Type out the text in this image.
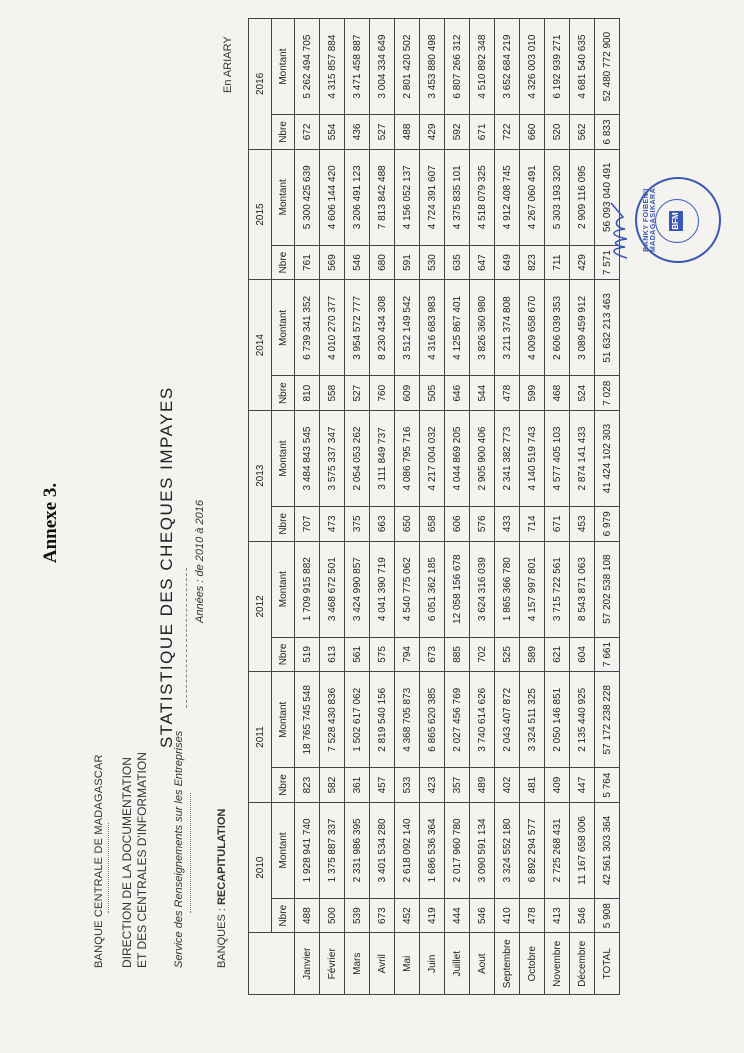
Annexe 3.
BANQUE CENTRALE DE MADAGASCAR DIRECTION DE LA DOCUMENTATION ET DES CENTRALES D'INFORMATION Service des Renseignements sur les Entreprises	BANQUES : RECAPITULATION
STATISTIQUE DES CHEQUES IMPAYES Années : de 2010 à 2016
En ARIARY
	2010		2011		2012		2013		2014		2015		2016	
	Nbre	Montant	Nbre	Montant	Nbre	Montant	Nbre	Montant	Nbre	Montant	Nbre	Montant	Nbre	Montant
Janvier	488	1 928 941 740	823	18 765 745 548	519	1 709 915 882	707	3 484 843 545	810	6 739 341 352	761	5 300 425 639	672	5 262 494 705
Février	500	1 375 887 337	582	7 528 430 836	613	3 468 672 501	473	3 575 337 347	558	4 010 270 377	569	4 606 144 420	554	4 315 857 884
Mars	539	2 331 986 395	361	1 502 617 062	561	3 424 990 857	375	2 054 053 262	527	3 954 572 777	546	3 206 491 123	436	3 471 458 887
Avril	673	3 401 534 280	457	2 819 540 156	575	4 041 390 719	663	3 111 849 737	760	8 230 434 308	680	7 813 842 488	527	3 004 334 649
Mai	452	2 618 092 140	533	4 368 705 873	794	4 540 775 062	650	4 086 795 716	609	3 512 149 542	591	4 156 052 137	488	2 801 420 502
Juin	419	1 686 536 364	423	6 865 620 385	673	6 051 362 185	658	4 217 004 032	505	4 316 683 983	530	4 724 391 607	429	3 453 880 498
Juillet	444	2 017 960 780	357	2 027 456 769	885	12 058 156 678	606	4 044 869 205	646	4 125 867 401	635	4 375 835 101	592	6 807 266 312
Aout	546	3 090 591 134	489	3 740 614 626	702	3 624 316 039	576	2 905 900 406	544	3 826 360 980	647	4 518 079 325	671	4 510 892 348
Septembre	410	3 324 552 180	402	2 043 407 872	525	1 865 366 780	433	2 341 382 773	478	3 211 374 808	649	4 912 408 745	722	3 652 684 219
Octobre	478	6 892 294 577	481	3 324 511 325	589	4 157 997 801	714	4 140 519 743	599	4 009 658 670	823	4 267 060 491	660	4 326 003 010
Novembre	413	2 725 268 431	409	2 050 146 851	621	3 715 722 561	671	4 577 405 103	468	2 606 039 353	711	5 303 193 320	520	6 192 939 271
Décembre	546	11 167 658 006	447	2 135 440 925	604	8 543 871 063	453	2 874 141 433	524	3 089 459 912	429	2 909 116 095	562	4 681 540 635
TOTAL	5 908	42 561 303 364	5 764	57 172 238 228	7 661	57 202 538 108	6 979	41 424 102 303	7 028	51 632 213 463	7 571	56 093 040 491	6 833	52 480 772 900
BANKY FOIBEN'I MADAGASIKARA BFM
